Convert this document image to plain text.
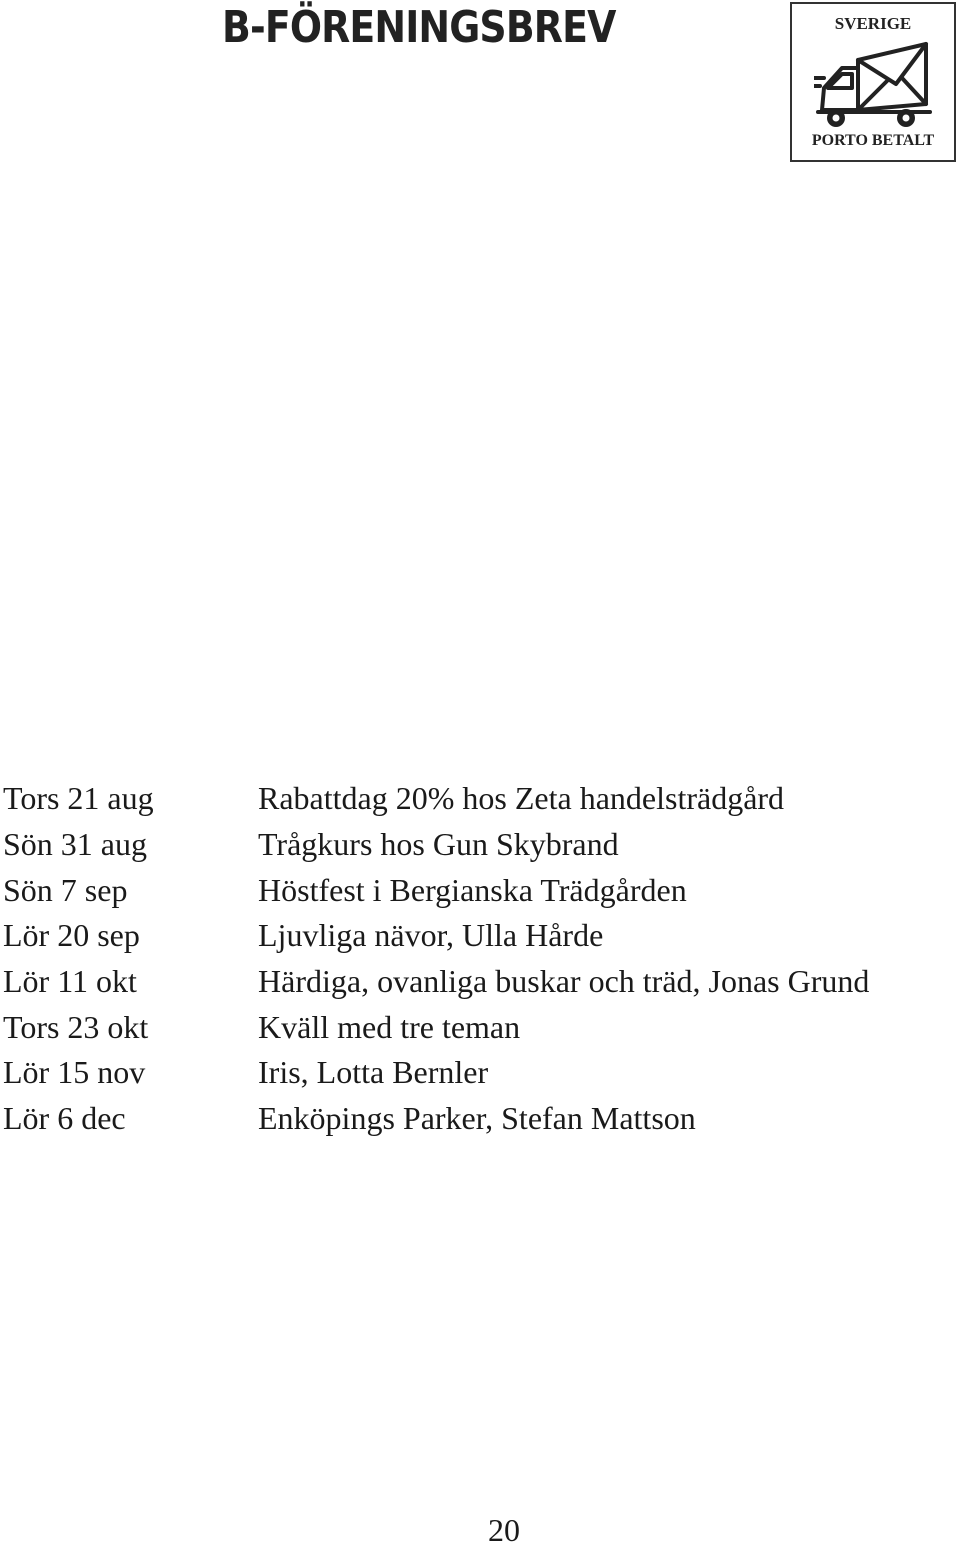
B-FÖRENINGSBREV	SVERIGE
PORTO BETALT
Tors 21 aug	Rabattdag 20% hos Zeta handelsträdgård
Sön 31 aug	Trågkurs hos Gun Skybrand
Sön 7 sep	Höstfest i Bergianska Trädgården
Lör 20 sep	Ljuvliga nävor, Ulla Hårde
Lör 11 okt	Härdiga, ovanliga buskar och träd, Jonas Grund
Tors 23 okt	Kväll med tre teman
Lör 15 nov	Iris, Lotta Bernler
Lör 6 dec	Enköpings Parker, Stefan Mattson
20
